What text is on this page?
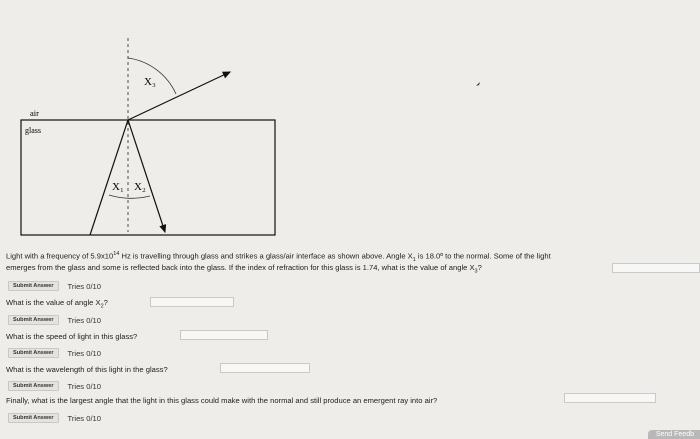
X₃
X₁ X₂
air
glass
Light with a frequency of $5.9x10^{14}$ Hz is travelling through glass and strikes a glass/air interface as shown above. Angle $X_1$ is 18.0º to the normal. Some of the light
emerges from the glass and some is reflected back into the glass. If the index of refraction for this glass is 1.74, what is the value of angle $X_3$?
Submit Answer	Tries 0/10
What is the value of angle $X_2$?
Submit Answer	Tries 0/10
What is the speed of light in this glass?
Submit Answer	Tries 0/10
What is the wavelength of this light in the glass?
Submit Answer	Tries 0/10
Finally, what is the largest angle that the light in this glass could make with the normal and still produce an emergent ray into air?
Submit Answer	Tries 0/10
Send Feedb
